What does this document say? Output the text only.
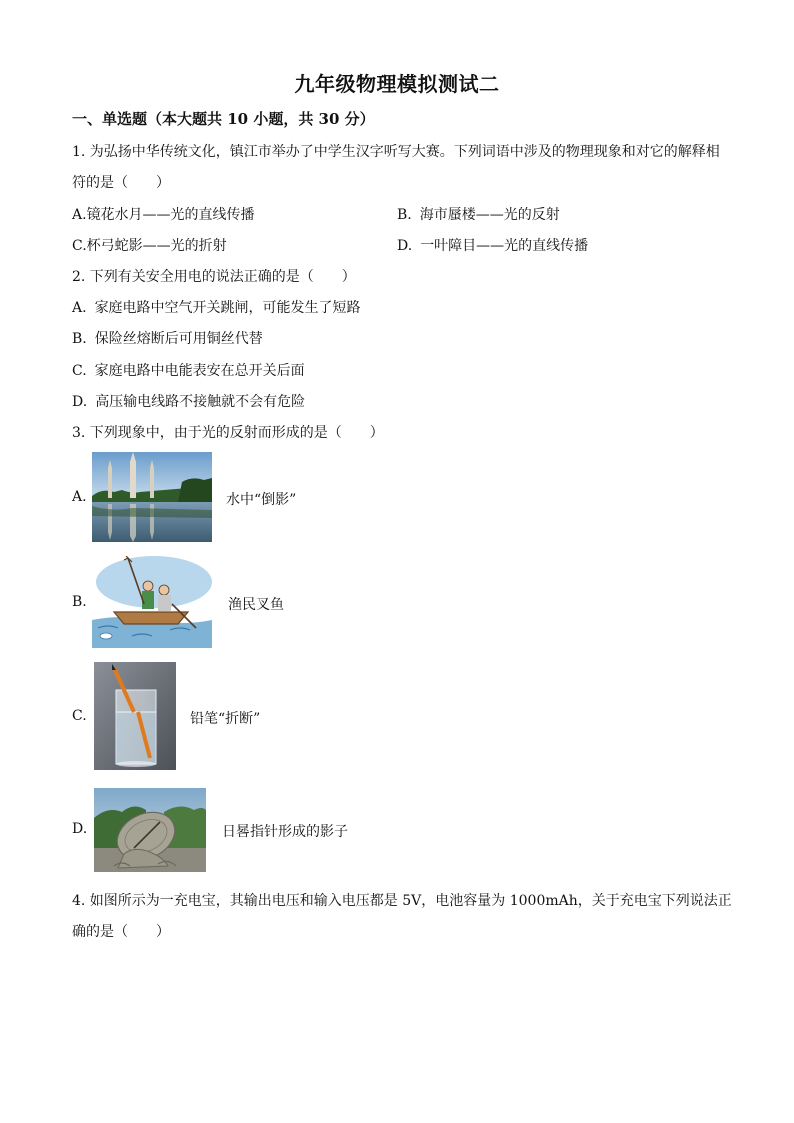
九年级物理模拟测试二
一、单选题（本大题共 10 小题，共 30 分）
1. 为弘扬中华传统文化，镇江市举办了中学生汉字听写大赛。下列词语中涉及的物理现象和对它的解释相
符的是（　　）
A.镜花水月——光的直线传播	B. 海市蜃楼——光的反射
C.杯弓蛇影——光的折射	D. 一叶障目——光的直线传播
2. 下列有关安全用电的说法正确的是（　　）
A. 家庭电路中空气开关跳闸，可能发生了短路
B. 保险丝熔断后可用铜丝代替
C. 家庭电路中电能表安在总开关后面
D. 高压输电线路不接触就不会有危险
3. 下列现象中，由于光的反射而形成的是（　　）
A.	水中“倒影”
B.	渔民叉鱼
C.	铅笔“折断”
D.	日晷指针形成的影子
4. 如图所示为一充电宝，其输出电压和输入电压都是 5V，电池容量为 1000mAh，关于充电宝下列说法正
确的是（　　）
